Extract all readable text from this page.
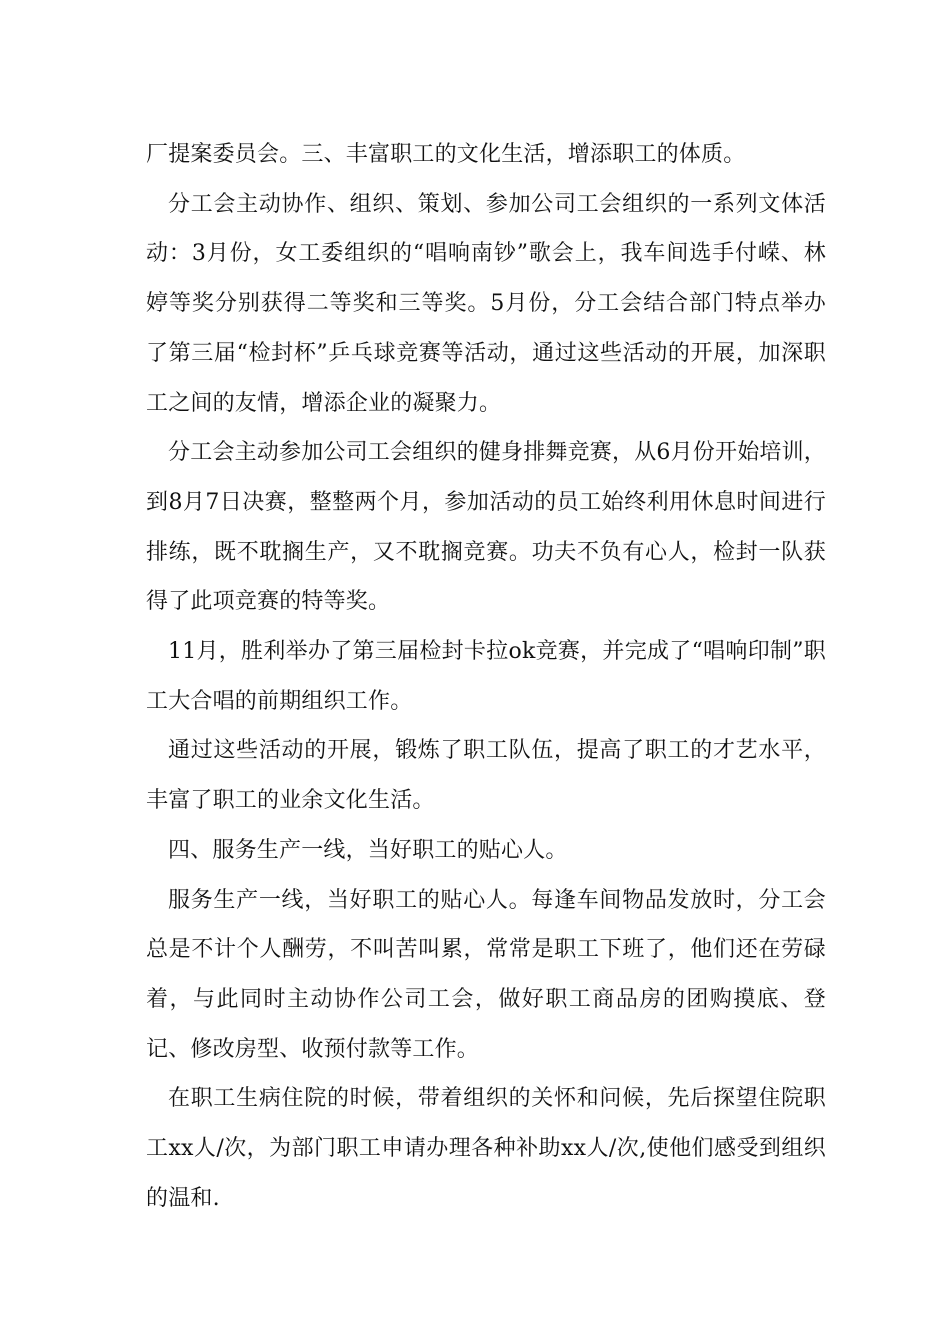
厂提案委员会。三、丰富职工的文化生活，增添职工的体质。

分工会主动协作、组织、策划、参加公司工会组织的一系列文体活动：3月份，女工委组织的“唱响南钞”歌会上，我车间选手付嵘、林婷等奖分别获得二等奖和三等奖。5月份，分工会结合部门特点举办了第三届“检封杯”乒乓球竞赛等活动，通过这些活动的开展，加深职工之间的友情，增添企业的凝聚力。

分工会主动参加公司工会组织的健身排舞竞赛，从6月份开始培训，到8月7日决赛，整整两个月，参加活动的员工始终利用休息时间进行排练，既不耽搁生产，又不耽搁竞赛。功夫不负有心人，检封一队获得了此项竞赛的特等奖。

11月，胜利举办了第三届检封卡拉ok竞赛，并完成了“唱响印制”职工大合唱的前期组织工作。

通过这些活动的开展，锻炼了职工队伍，提高了职工的才艺水平，丰富了职工的业余文化生活。

四、服务生产一线，当好职工的贴心人。

服务生产一线，当好职工的贴心人。每逢车间物品发放时，分工会总是不计个人酬劳，不叫苦叫累，常常是职工下班了，他们还在劳碌着，与此同时主动协作公司工会，做好职工商品房的团购摸底、登记、修改房型、收预付款等工作。

在职工生病住院的时候，带着组织的关怀和问候，先后探望住院职工xx人/次，为部门职工申请办理各种补助xx人/次,使他们感受到组织的温和.
